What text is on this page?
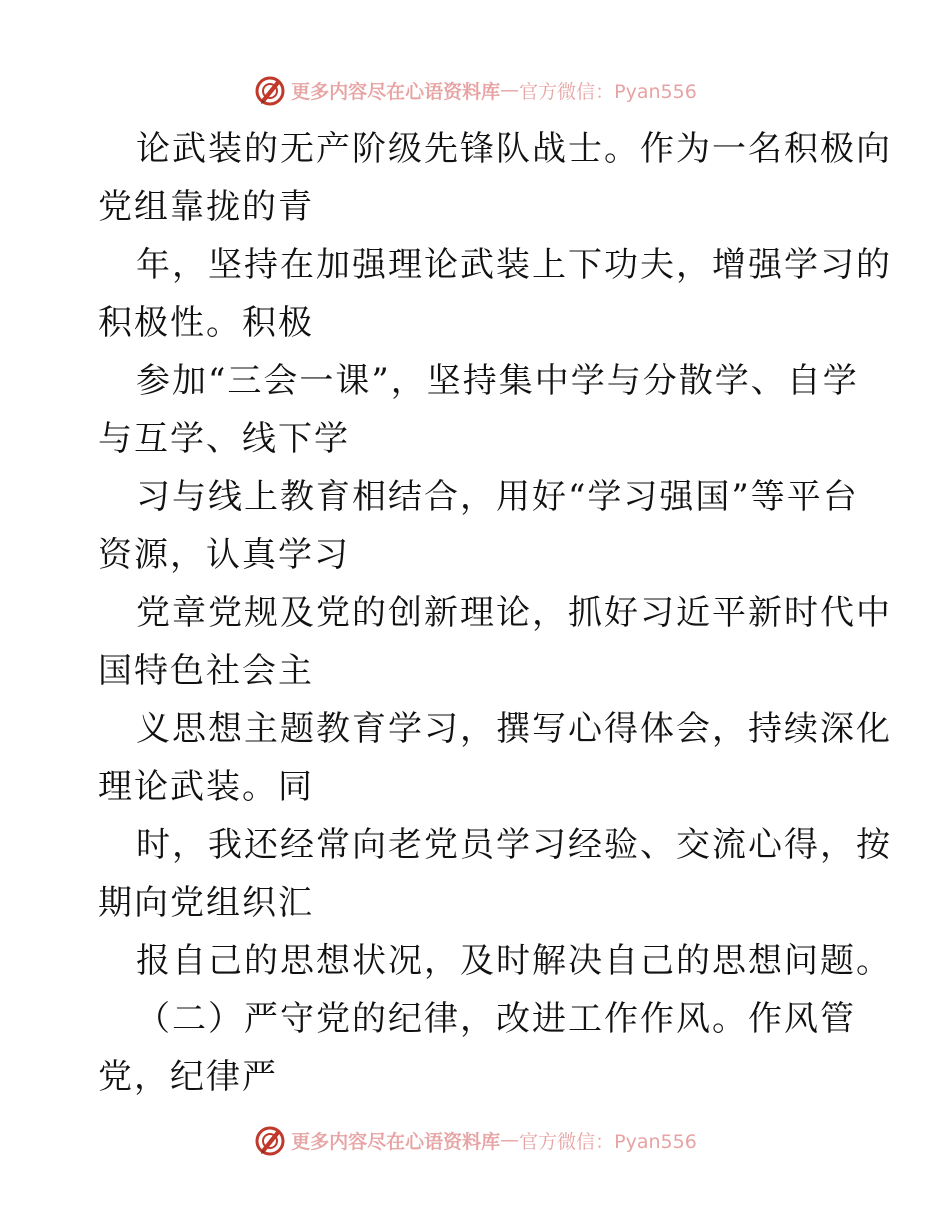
更多内容尽在心语资料库 — 官方微信：Pyan556
论武装的无产阶级先锋队战士。作为一名积极向
党组靠拢的青
年，坚持在加强理论武装上下功夫，增强学习的
积极性。积极
参加“三会一课”，坚持集中学与分散学、自学
与互学、线下学
习与线上教育相结合，用好“学习强国”等平台
资源，认真学习
党章党规及党的创新理论，抓好习近平新时代中
国特色社会主
义思想主题教育学习，撰写心得体会，持续深化
理论武装。同
时，我还经常向老党员学习经验、交流心得，按
期向党组织汇
报自己的思想状况，及时解决自己的思想问题。
（二）严守党的纪律，改进工作作风。作风管
党，纪律严
更多内容尽在心语资料库 — 官方微信：Pyan556
